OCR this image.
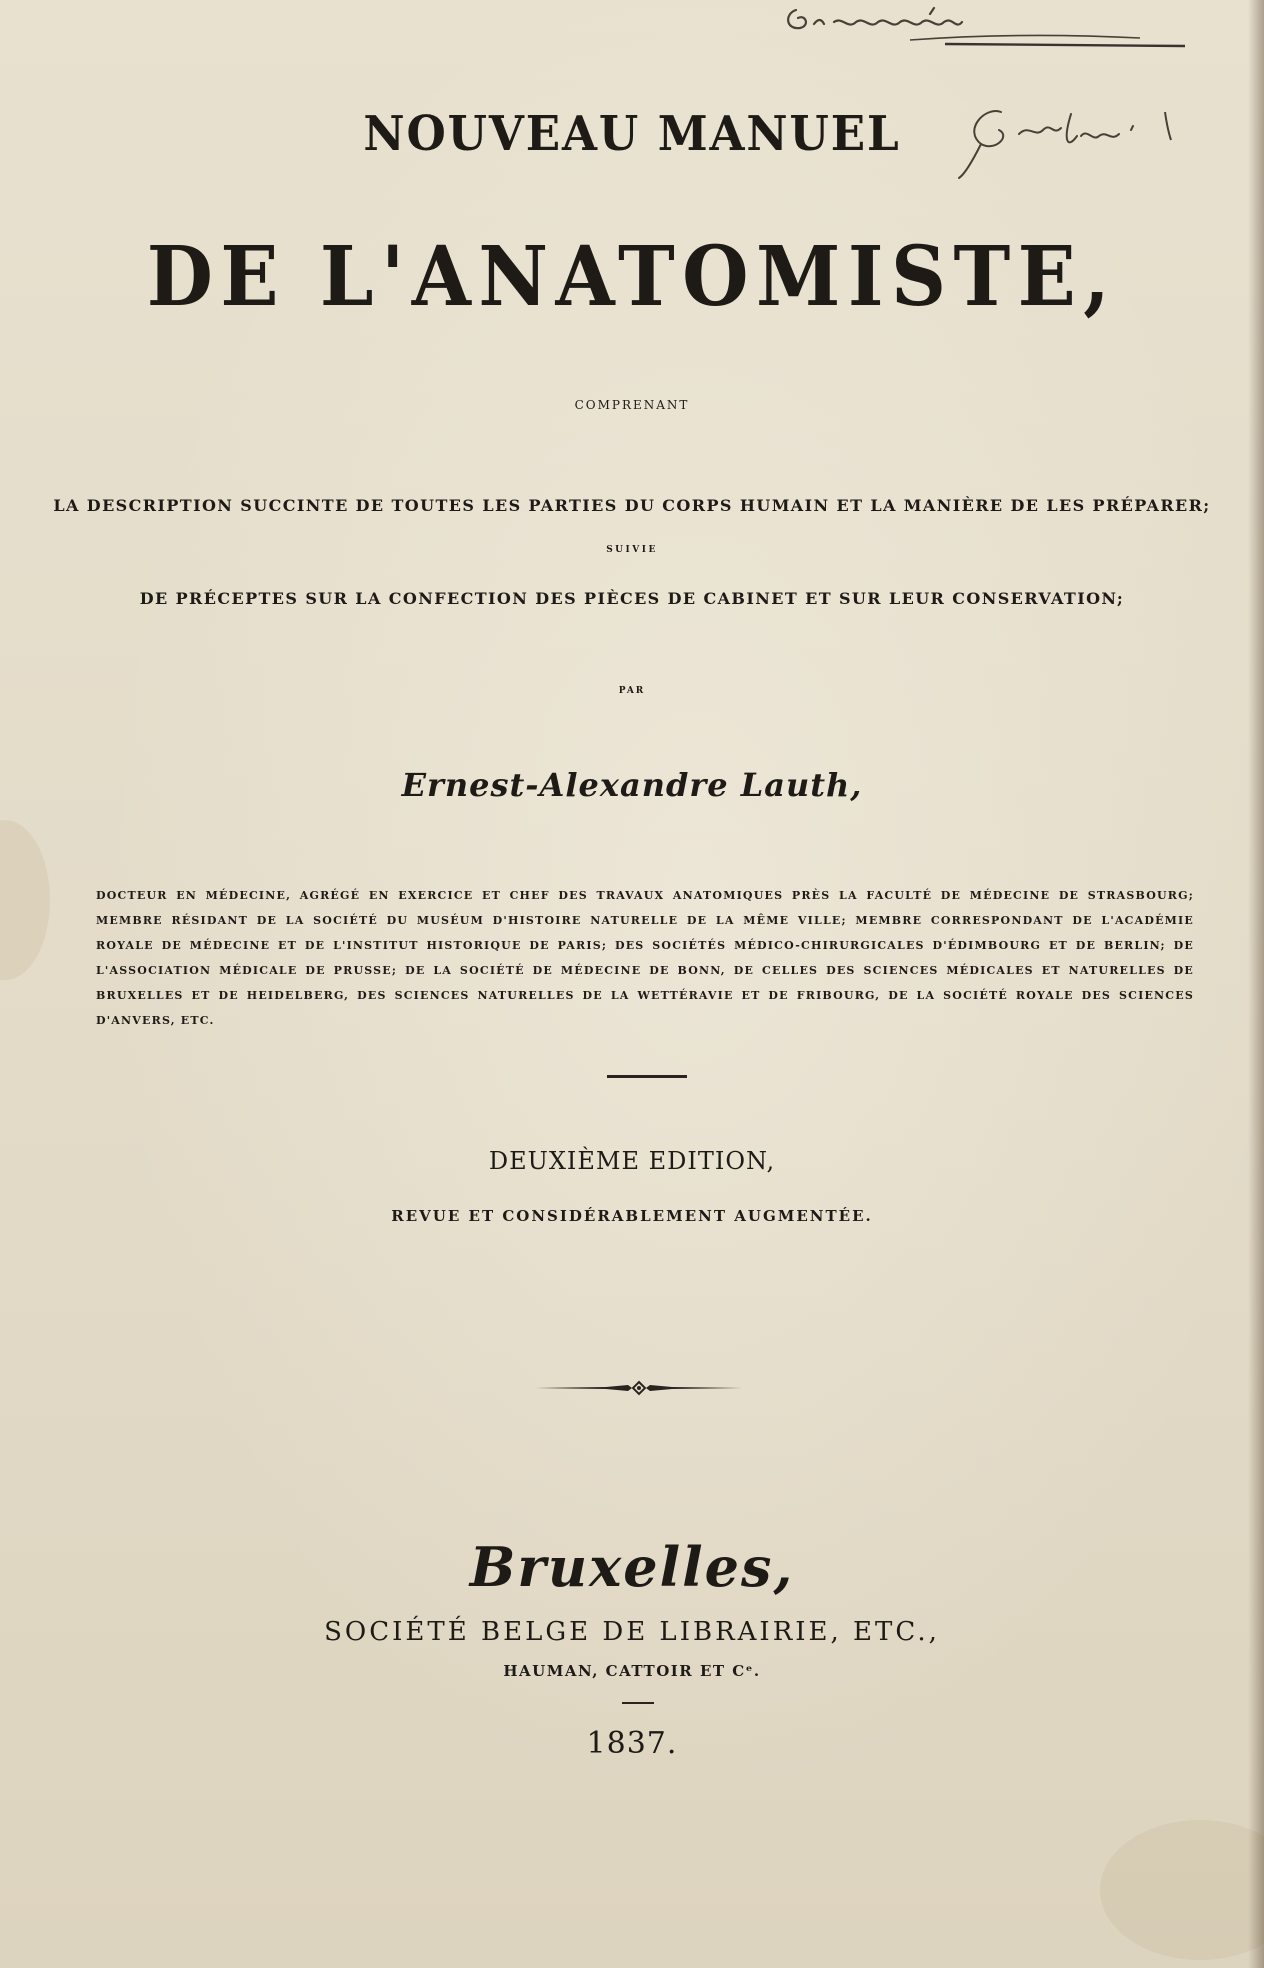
NOUVEAU MANUEL
DE L'ANATOMISTE,
COMPRENANT
LA DESCRIPTION SUCCINTE DE TOUTES LES PARTIES DU CORPS HUMAIN ET LA MANIÈRE DE LES PRÉPARER;
SUIVIE
DE PRÉCEPTES SUR LA CONFECTION DES PIÈCES DE CABINET ET SUR LEUR CONSERVATION;
PAR
Ernest-Alexandre Lauth,
DOCTEUR EN MÉDECINE, AGRÉGÉ EN EXERCICE ET CHEF DES TRAVAUX ANATOMIQUES PRÈS LA FACULTÉ DE MÉDECINE DE STRASBOURG; MEMBRE RÉSIDANT DE LA SOCIÉTÉ DU MUSÉUM D'HISTOIRE NATURELLE DE LA MÊME VILLE; MEMBRE CORRESPONDANT DE L'ACADÉMIE ROYALE DE MÉDECINE ET DE L'INSTITUT HISTORIQUE DE PARIS; DES SOCIÉTÉS MÉDICO-CHIRURGICALES D'ÉDIMBOURG ET DE BERLIN; DE L'ASSOCIATION MÉDICALE DE PRUSSE; DE LA SOCIÉTÉ DE MÉDECINE DE BONN, DE CELLES DES SCIENCES MÉDICALES ET NATURELLES DE BRUXELLES ET DE HEIDELBERG, DES SCIENCES NATURELLES DE LA WETTÉRAVIE ET DE FRIBOURG, DE LA SOCIÉTÉ ROYALE DES SCIENCES D'ANVERS, ETC.
DEUXIÈME EDITION,
REVUE ET CONSIDÉRABLEMENT AUGMENTÉE.
Bruxelles,
SOCIÉTÉ BELGE DE LIBRAIRIE, ETC.,
HAUMAN, CATTOIR ET Cᵉ.
1837.
